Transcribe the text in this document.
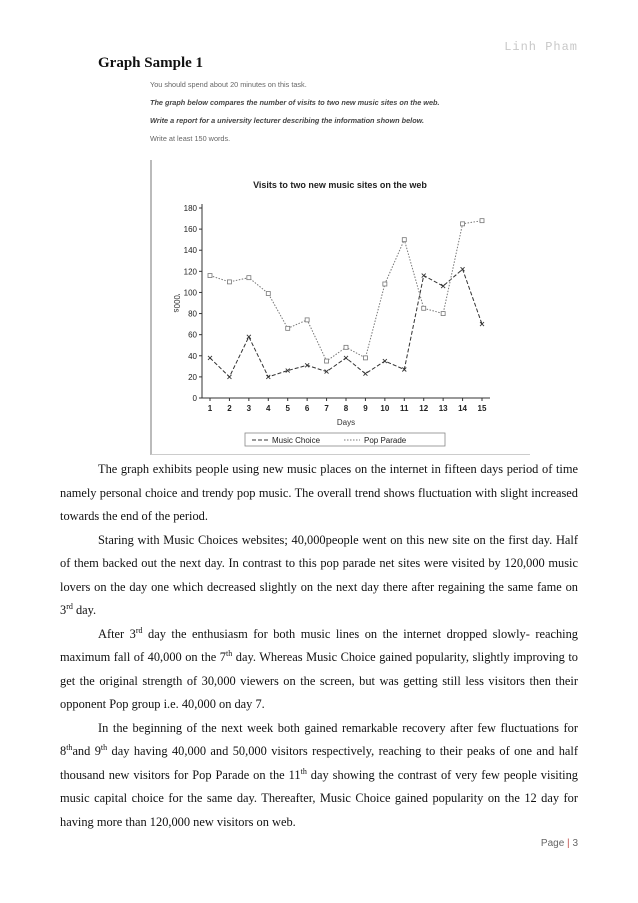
Linh Pham
Graph Sample 1
You should spend about 20 minutes on this task.
The graph below compares the number of visits to two new music sites on the web.
Write a report for a university lecturer describing the information shown below.
Write at least 150 words.
Visits to two new music sites on the web
'000s
Days
0
20
40
60
80
100
120
140
160
180
1 2 3 4 5 6 7 8 9 10 11 12 13 14 15
Music Choice	Pop Parade

The graph exhibits people using new music places on the internet in fifteen days period of time namely personal choice and trendy pop music. The overall trend shows fluctuation with slight increased towards the end of the period.

Staring with Music Choices websites; 40,000people went on this new site on the first day. Half of them backed out the next day. In contrast to this pop parade net sites were visited by 120,000 music lovers on the day one which decreased slightly on the next day there after regaining the same fame on 3rd day.

After 3rd day the enthusiasm for both music lines on the internet dropped slowly- reaching maximum fall of 40,000 on the 7th day. Whereas Music Choice gained popularity, slightly improving to get the original strength of 30,000 viewers on the screen, but was getting still less visitors then their opponent Pop group i.e. 40,000 on day 7.

In the beginning of the next week both gained remarkable recovery after few fluctuations for 8thand 9th day having 40,000 and 50,000 visitors respectively, reaching to their peaks of one and half thousand new visitors for Pop Parade on the 11th day showing the contrast of very few people visiting music capital choice for the same day. Thereafter, Music Choice gained popularity on the 12 day for having more than 120,000 new visitors on web.

Page | 3
